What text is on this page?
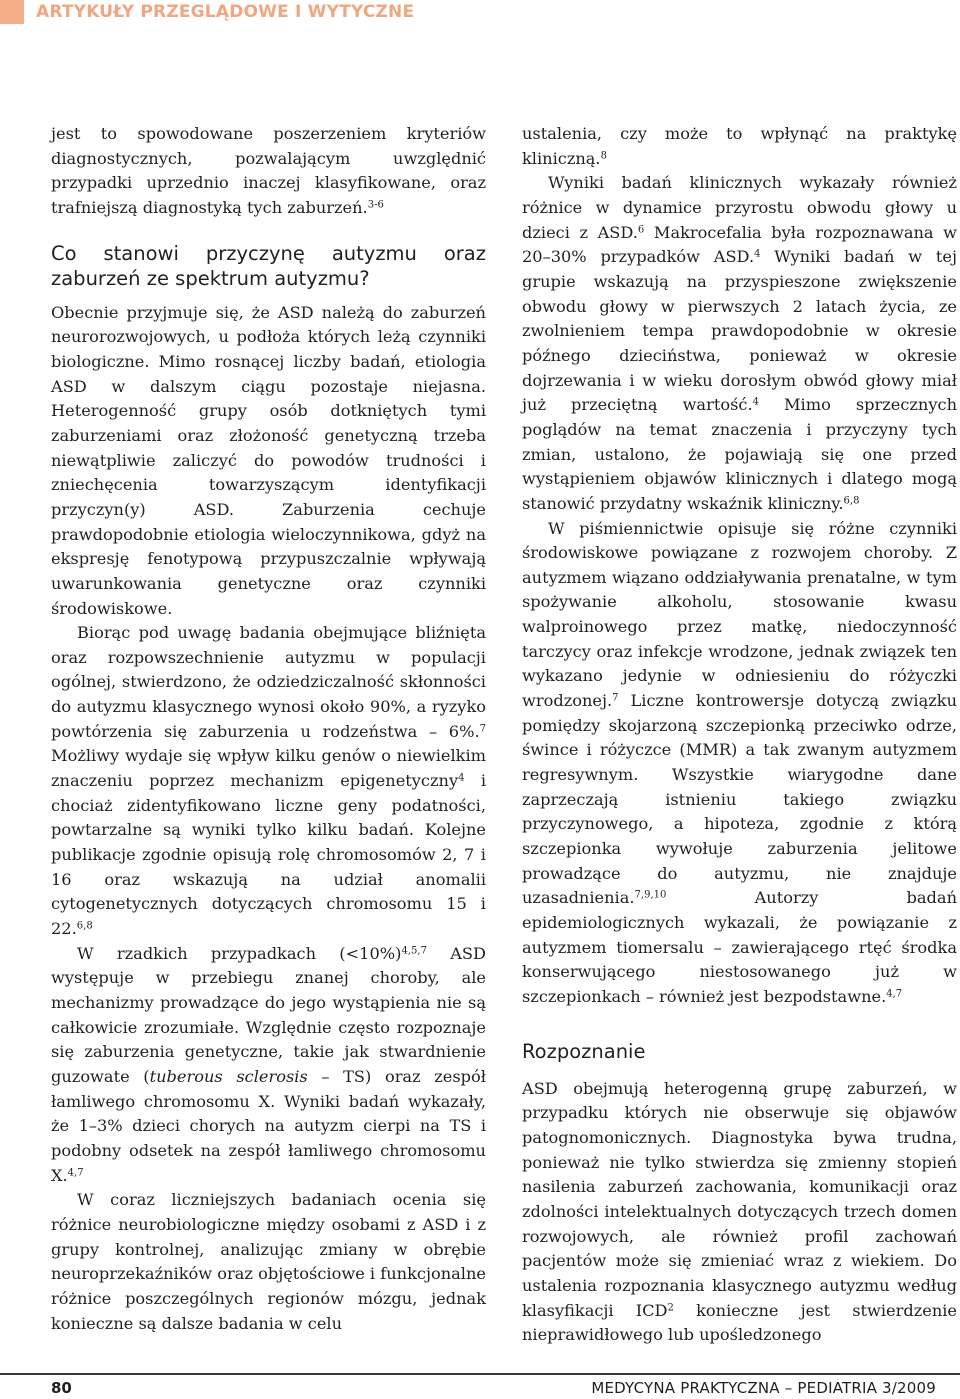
ARTYKUŁY PRZEGLĄDOWE I WYTYCZNE

jest to spowodowane poszerzeniem kryteriów diagnostycznych, pozwalającym uwzględnić przypadki uprzednio inaczej klasyfikowane, oraz trafniejszą diagnostyką tych zaburzeń.$^{3-6}$

Co stanowi przyczynę autyzmu oraz zaburzeń ze spektrum autyzmu?

Obecnie przyjmuje się, że ASD należą do zaburzeń neurorozwojowych, u podłoża których leżą czynniki biologiczne. Mimo rosnącej liczby badań, etiologia ASD w dalszym ciągu pozostaje niejasna. Heterogenność grupy osób dotkniętych tymi zaburzeniami oraz złożoność genetyczną trzeba niewątpliwie zaliczyć do powodów trudności i zniechęcenia towarzyszącym identyfikacji przyczyn(y) ASD. Zaburzenia cechuje prawdopodobnie etiologia wieloczynnikowa, gdyż na ekspresję fenotypową przypuszczalnie wpływają uwarunkowania genetyczne oraz czynniki środowiskowe.

Biorąc pod uwagę badania obejmujące bliźnięta oraz rozpowszechnienie autyzmu w populacji ogólnej, stwierdzono, że odziedziczalność skłonności do autyzmu klasycznego wynosi około 90%, a ryzyko powtórzenia się zaburzenia u rodzeństwa – 6%.$^7$ Możliwy wydaje się wpływ kilku genów o niewielkim znaczeniu poprzez mechanizm epigenetyczny$^4$ i chociaż zidentyfikowano liczne geny podatności, powtarzalne są wyniki tylko kilku badań. Kolejne publikacje zgodnie opisują rolę chromosomów 2, 7 i 16 oraz wskazują na udział anomalii cytogenetycznych dotyczących chromosomu 15 i 22.$^{6,8}$

W rzadkich przypadkach (<10%)$^{4,5,7}$ ASD występuje w przebiegu znanej choroby, ale mechanizmy prowadzące do jego wystąpienia nie są całkowicie zrozumiałe. Względnie często rozpoznaje się zaburzenia genetyczne, takie jak stwardnienie guzowate (tuberous sclerosis – TS) oraz zespół łamliwego chromosomu X. Wyniki badań wykazały, że 1–3% dzieci chorych na autyzm cierpi na TS i podobny odsetek na zespół łamliwego chromosomu X.$^{4,7}$

W coraz liczniejszych badaniach ocenia się różnice neurobiologiczne między osobami z ASD i z grupy kontrolnej, analizując zmiany w obrębie neuroprzekaźników oraz objętościowe i funkcjonalne różnice poszczególnych regionów mózgu, jednak konieczne są dalsze badania w celu

ustalenia, czy może to wpłynąć na praktykę kliniczną.$^8$

Wyniki badań klinicznych wykazały również różnice w dynamice przyrostu obwodu głowy u dzieci z ASD.$^6$ Makrocefalia była rozpoznawana w 20–30% przypadków ASD.$^4$ Wyniki badań w tej grupie wskazują na przyspieszone zwiększenie obwodu głowy w pierwszych 2 latach życia, ze zwolnieniem tempa prawdopodobnie w okresie późnego dzieciństwa, ponieważ w okresie dojrzewania i w wieku dorosłym obwód głowy miał już przeciętną wartość.$^4$ Mimo sprzecznych poglądów na temat znaczenia i przyczyny tych zmian, ustalono, że pojawiają się one przed wystąpieniem objawów klinicznych i dlatego mogą stanowić przydatny wskaźnik kliniczny.$^{6,8}$

W piśmiennictwie opisuje się różne czynniki środowiskowe powiązane z rozwojem choroby. Z autyzmem wiązano oddziaływania prenatalne, w tym spożywanie alkoholu, stosowanie kwasu walproinowego przez matkę, niedoczynność tarczycy oraz infekcje wrodzone, jednak związek ten wykazano jedynie w odniesieniu do różyczki wrodzonej.$^7$ Liczne kontrowersje dotyczą związku pomiędzy skojarzoną szczepionką przeciwko odrze, śwince i różyczce (MMR) a tak zwanym autyzmem regresywnym. Wszystkie wiarygodne dane zaprzeczają istnieniu takiego związku przyczynowego, a hipoteza, zgodnie z którą szczepionka wywołuje zaburzenia jelitowe prowadzące do autyzmu, nie znajduje uzasadnienia.$^{7,9,10}$ Autorzy badań epidemiologicznych wykazali, że powiązanie z autyzmem tiomersalu – zawierającego rtęć środka konserwującego niestosowanego już w szczepionkach – również jest bezpodstawne.$^{4,7}$

Rozpoznanie

ASD obejmują heterogenną grupę zaburzeń, w przypadku których nie obserwuje się objawów patognomonicznych. Diagnostyka bywa trudna, ponieważ nie tylko stwierdza się zmienny stopień nasilenia zaburzeń zachowania, komunikacji oraz zdolności intelektualnych dotyczących trzech domen rozwojowych, ale również profil zachowań pacjentów może się zmieniać wraz z wiekiem. Do ustalenia rozpoznania klasycznego autyzmu według klasyfikacji ICD$^2$ konieczne jest stwierdzenie nieprawidłowego lub upośledzonego

80	MEDYCYNA PRAKTYCZNA – PEDIATRIA 3/2009
